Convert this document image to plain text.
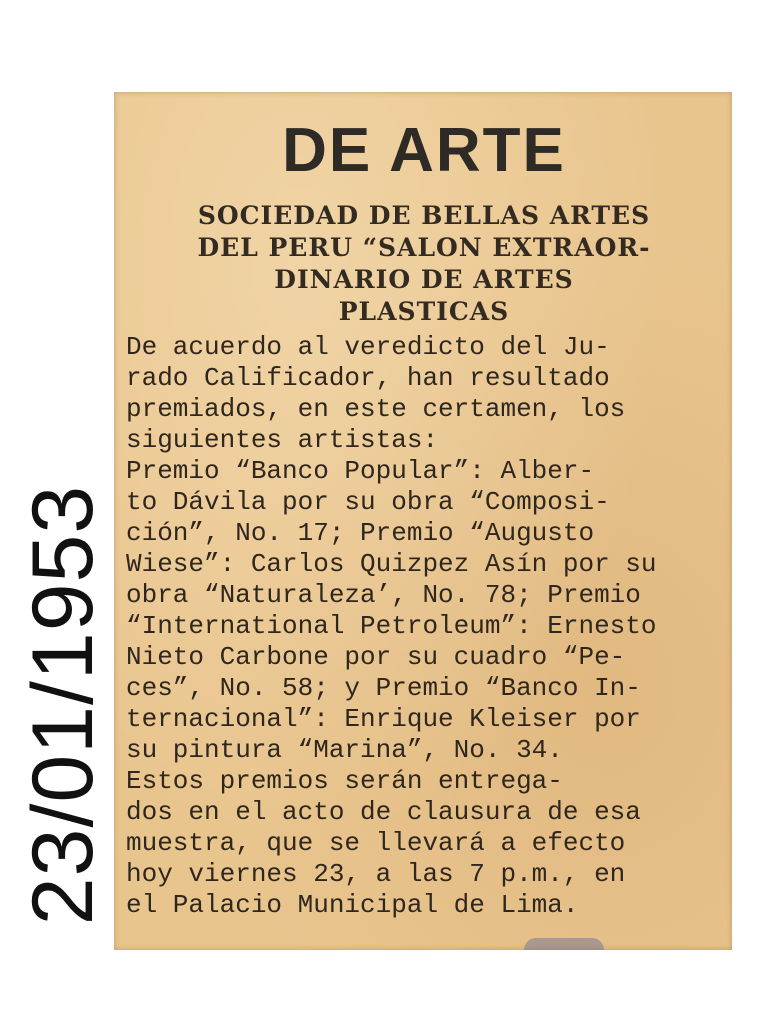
23/01/1953
DE ARTE
SOCIEDAD DE BELLAS ARTES
DEL PERU “SALON EXTRAOR-
DINARIO DE ARTES
PLASTICAS

De acuerdo al veredicto del Ju-
rado Calificador, han resultado
premiados, en este certamen, los
siguientes artistas:

Premio “Banco Popular”: Alber-
to Dávila por su obra “Composi-
ción”, No. 17; Premio “Augusto
Wiese”: Carlos Quizpez Asín por su
obra “Naturaleza’, No. 78; Premio
“International Petroleum”: Ernesto
Nieto Carbone por su cuadro “Pe-
ces”, No. 58; y Premio “Banco In-
ternacional”: Enrique Kleiser por
su pintura “Marina”, No. 34.

Estos premios serán entrega-
dos en el acto de clausura de esa
muestra, que se llevará a efecto
hoy viernes 23, a las 7 p.m., en
el Palacio Municipal de Lima.
